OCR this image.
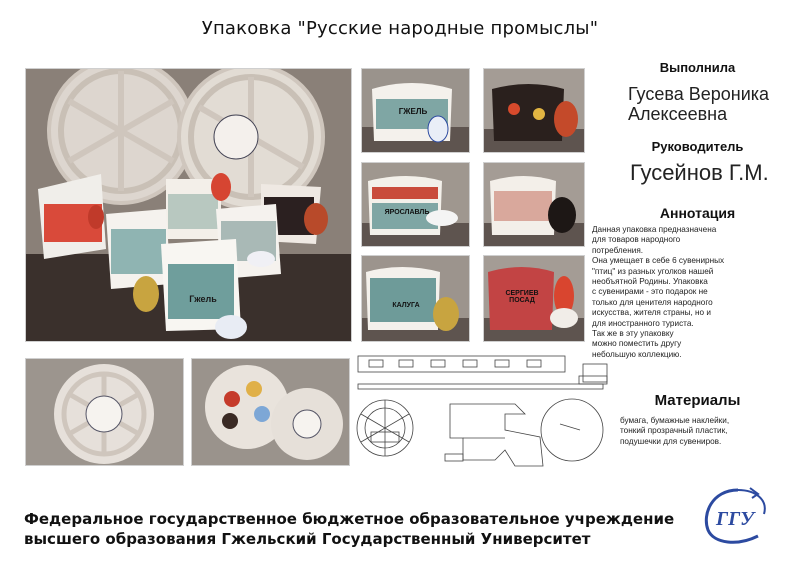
Упаковка "Русские народные промыслы"
Гжель
ГЖЕЛЬ
ЯРОСЛАВЛЬ
КАЛУГА
СЕРГИЕВ ПОСАД
Выполнила
Гусева Вероника
Алексеевна
Руководитель
Гусейнов Г.М.
Аннотация
Данная упаковка предназначена
для товаров народного
потребления.
Она умещает в себе 6 сувенирных
"птиц" из разных уголков нашей
необъятной Родины. Упаковка
с сувенирами - это подарок не
только для ценителя народного
искусства, жителя страны, но и
для иностранного туриста.
Так же в эту упаковку
можно поместить другу
небольшую коллекцию.
Материалы
бумага, бумажные наклейки,
тонкий прозрачный пластик,
подушечки для сувениров.
Федеральное государственное бюджетное образовательное учреждение
высшего образования Гжельский Государственный Университет
ГГУ
